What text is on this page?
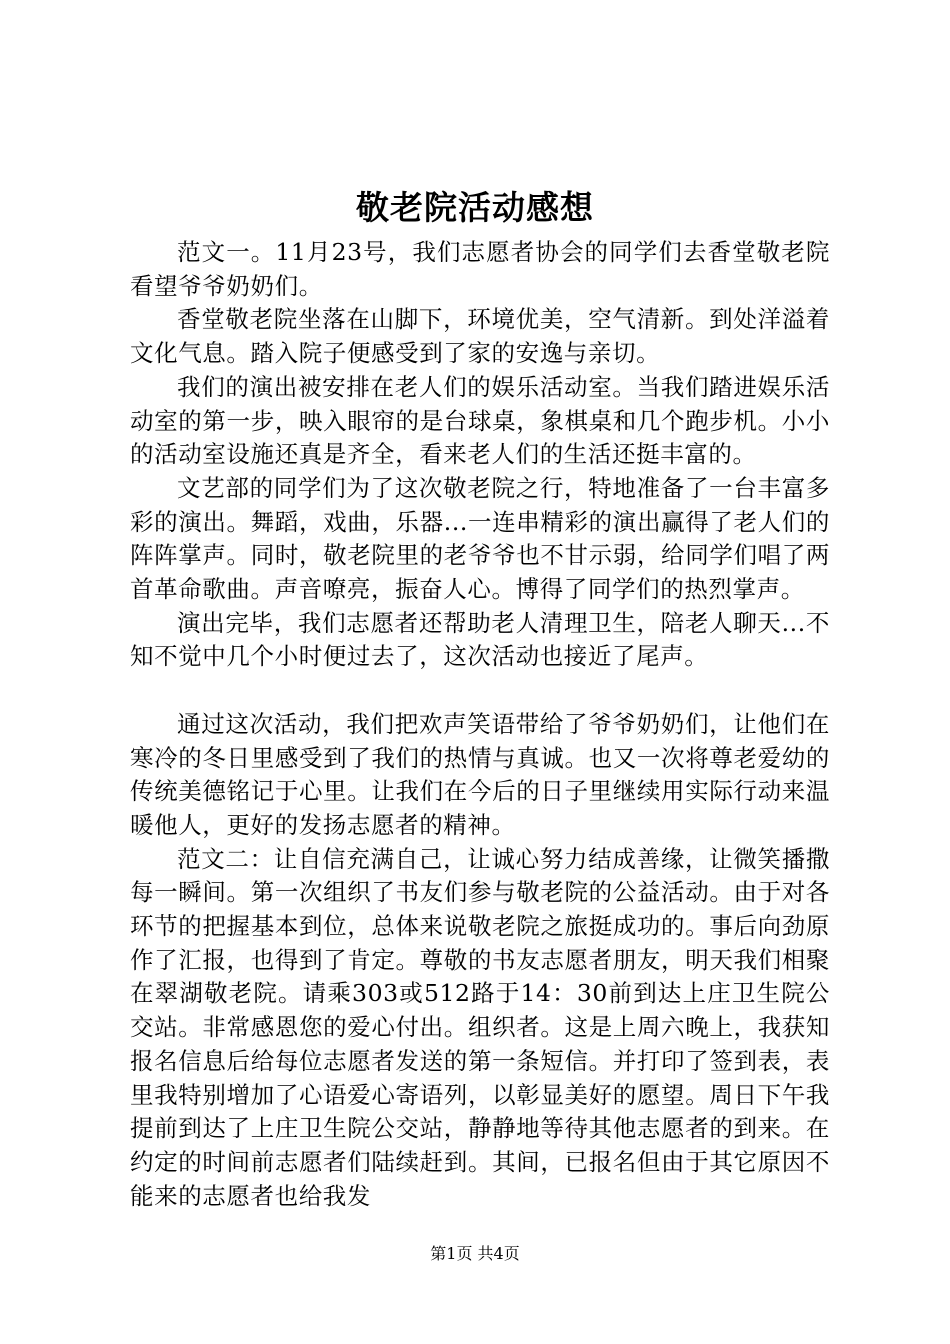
敬老院活动感想

范文一。11月23号，我们志愿者协会的同学们去香堂敬老院看望爷爷奶奶们。

香堂敬老院坐落在山脚下，环境优美，空气清新。到处洋溢着文化气息。踏入院子便感受到了家的安逸与亲切。

我们的演出被安排在老人们的娱乐活动室。当我们踏进娱乐活动室的第一步，映入眼帘的是台球桌，象棋桌和几个跑步机。小小的活动室设施还真是齐全，看来老人们的生活还挺丰富的。

文艺部的同学们为了这次敬老院之行，特地准备了一台丰富多彩的演出。舞蹈，戏曲，乐器...一连串精彩的演出赢得了老人们的阵阵掌声。同时，敬老院里的老爷爷也不甘示弱，给同学们唱了两首革命歌曲。声音嘹亮，振奋人心。博得了同学们的热烈掌声。

演出完毕，我们志愿者还帮助老人清理卫生，陪老人聊天...不知不觉中几个小时便过去了，这次活动也接近了尾声。

通过这次活动，我们把欢声笑语带给了爷爷奶奶们，让他们在寒冷的冬日里感受到了我们的热情与真诚。也又一次将尊老爱幼的传统美德铭记于心里。让我们在今后的日子里继续用实际行动来温暖他人，更好的发扬志愿者的精神。

范文二：让自信充满自己，让诚心努力结成善缘，让微笑播撒每一瞬间。第一次组织了书友们参与敬老院的公益活动。由于对各环节的把握基本到位，总体来说敬老院之旅挺成功的。事后向劲原作了汇报，也得到了肯定。尊敬的书友志愿者朋友，明天我们相聚在翠湖敬老院。请乘303或512路于14：30前到达上庄卫生院公交站。非常感恩您的爱心付出。组织者。这是上周六晚上，我获知报名信息后给每位志愿者发送的第一条短信。并打印了签到表，表里我特别增加了心语爱心寄语列，以彰显美好的愿望。周日下午我提前到达了上庄卫生院公交站，静静地等待其他志愿者的到来。在约定的时间前志愿者们陆续赶到。其间，已报名但由于其它原因不能来的志愿者也给我发

第1页 共4页
